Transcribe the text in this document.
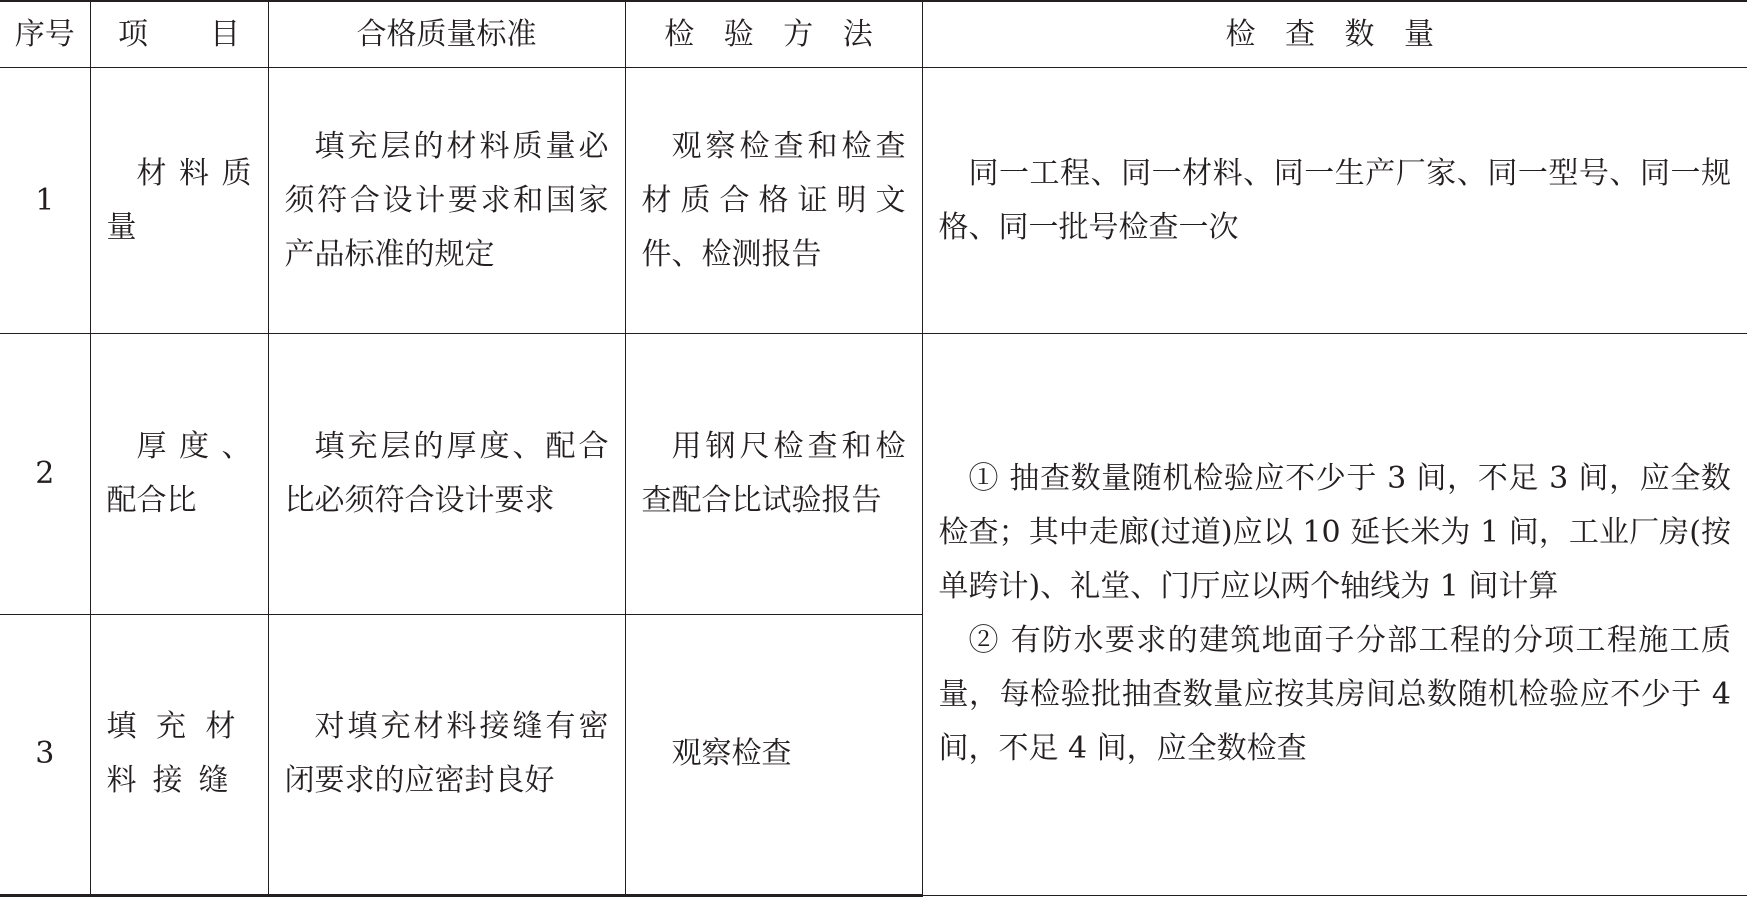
序号	项 目	合格质量标准	检 验 方 法	检 查 数 量
1	材料质量	填充层的材料质量必须符合设计要求和国家产品标准的规定	观察检查和检查材质合格证明文件、检测报告	同一工程、同一材料、同一生产厂家、同一型号、同一规格、同一批号检查一次

2	厚度、配合比	填充层的厚度、配合比必须符合设计要求	用钢尺检查和检查配合比试验报告	① 抽查数量随机检验应不少于 3 间，不足 3 间，应全数检查；其中走廊(过道)应以 10 延长米为 1 间，工业厂房(按单跨计)、礼堂、门厅应以两个轴线为 1 间计算

② 有防水要求的建筑地面子分部工程的分项工程施工质量，每检验批抽查数量应按其房间总数随机检验应不少于 4 间，不足 4 间，应全数检查

3	填充材料接缝	对填充材料接缝有密闭要求的应密封良好	观察检查	
